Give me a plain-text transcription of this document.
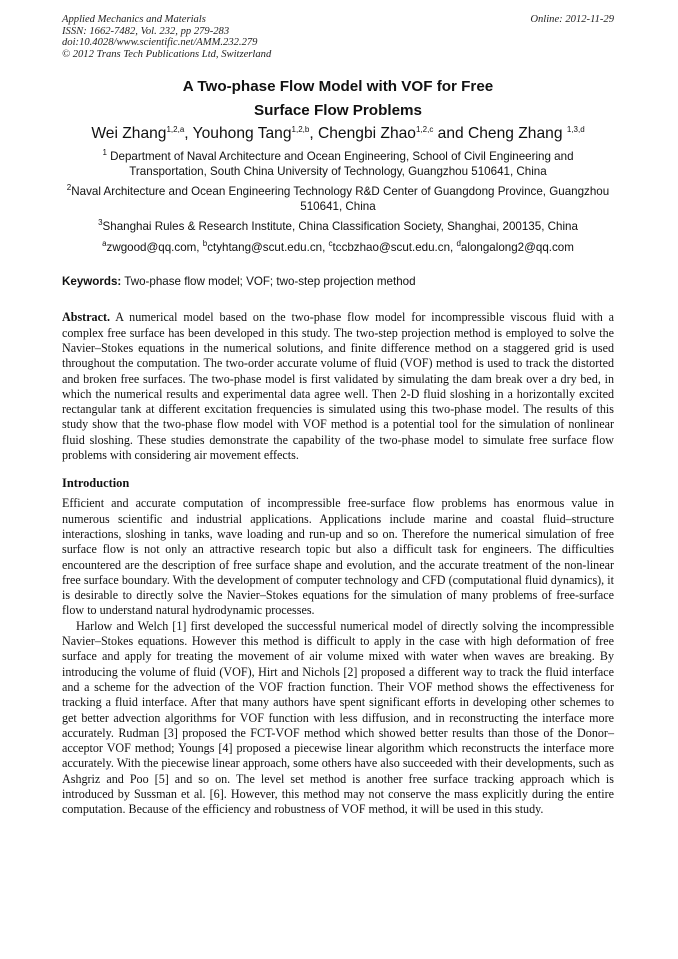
Applied Mechanics and Materials
ISSN: 1662-7482, Vol. 232, pp 279-283
doi:10.4028/www.scientific.net/AMM.232.279
© 2012 Trans Tech Publications Ltd, Switzerland
Online: 2012-11-29
A Two-phase Flow Model with VOF for Free
Surface Flow Problems
Wei Zhang$^{1,2,a}$, Youhong Tang$^{1,2,b}$, Chengbi Zhao$^{1,2,c}$ and Cheng Zhang $^{1,3,d}$
$^1$ Department of Naval Architecture and Ocean Engineering, School of Civil Engineering and Transportation, South China University of Technology, Guangzhou 510641, China
$^2$Naval Architecture and Ocean Engineering Technology R&D Center of Guangdong Province, Guangzhou 510641, China
$^3$Shanghai Rules & Research Institute, China Classification Society, Shanghai, 200135, China
$^a$zwgood@qq.com, $^b$ctyhtang@scut.edu.cn, $^c$tccbzhao@scut.edu.cn, $^d$alongalong2@qq.com
Keywords: Two-phase flow model; VOF; two-step projection method
Abstract. A numerical model based on the two-phase flow model for incompressible viscous fluid with a complex free surface has been developed in this study. The two-step projection method is employed to solve the Navier–Stokes equations in the numerical solutions, and finite difference method on a staggered grid is used throughout the computation. The two-order accurate volume of fluid (VOF) method is used to track the distorted and broken free surfaces. The two-phase model is first validated by simulating the dam break over a dry bed, in which the numerical results and experimental data agree well. Then 2-D fluid sloshing in a horizontally excited rectangular tank at different excitation frequencies is simulated using this two-phase model. The results of this study show that the two-phase flow model with VOF method is a potential tool for the simulation of nonlinear fluid sloshing. These studies demonstrate the capability of the two-phase model to simulate free surface flow problems with considering air movement effects.
Introduction
Efficient and accurate computation of incompressible free-surface flow problems has enormous value in numerous scientific and industrial applications. Applications include marine and coastal fluid–structure interactions, sloshing in tanks, wave loading and run-up and so on. Therefore the numerical simulation of free surface flow is not only an attractive research topic but also a difficult task for engineers. The difficulties encountered are the description of free surface shape and evolution, and the accurate treatment of the non-linear free surface boundary. With the development of computer technology and CFD (computational fluid dynamics), it is desirable to directly solve the Navier–Stokes equations for the simulation of many problems of free-surface flow to understand natural hydrodynamic processes.
Harlow and Welch [1] first developed the successful numerical model of directly solving the incompressible Navier–Stokes equations. However this method is difficult to apply in the case with high deformation of free surface and apply for treating the movement of air volume mixed with water when waves are breaking. By introducing the volume of fluid (VOF), Hirt and Nichols [2] proposed a different way to track the fluid interface and a scheme for the advection of the VOF fraction function. Their VOF method shows the effectiveness for tracking a fluid interface. After that many authors have spent significant efforts in developing other schemes to get better advection algorithms for VOF function with less diffusion, and in reconstructing the interface more accurately. Rudman [3] proposed the FCT-VOF method which showed better results than those of the Donor–acceptor VOF method; Youngs [4] proposed a piecewise linear algorithm which reconstructs the interface more accurately. With the piecewise linear approach, some others have also succeeded with their developments, such as Ashgriz and Poo [5] and so on. The level set method is another free surface tracking approach which is introduced by Sussman et al. [6]. However, this method may not conserve the mass explicitly during the entire computation. Because of the efficiency and robustness of VOF method, it will be used in this study.
